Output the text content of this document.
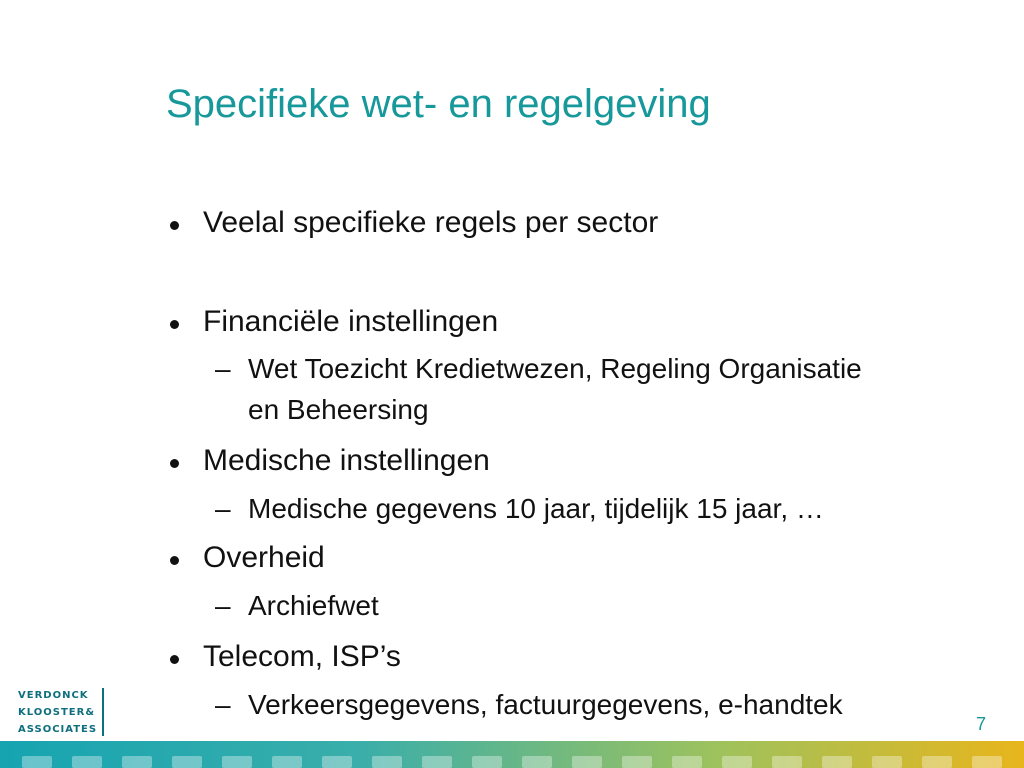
Specifieke wet- en regelgeving
Veelal specifieke regels per sector
Financiële instellingen
– Wet Toezicht Kredietwezen, Regeling Organisatie
en Beheersing
Medische instellingen
– Medische gegevens 10 jaar, tijdelijk 15 jaar, …
Overheid
– Archiefwet
Telecom, ISP’s
– Verkeersgegevens, factuurgegevens, e-handtek
7
VERDONCK
KLOOSTER&
ASSOCIATES
